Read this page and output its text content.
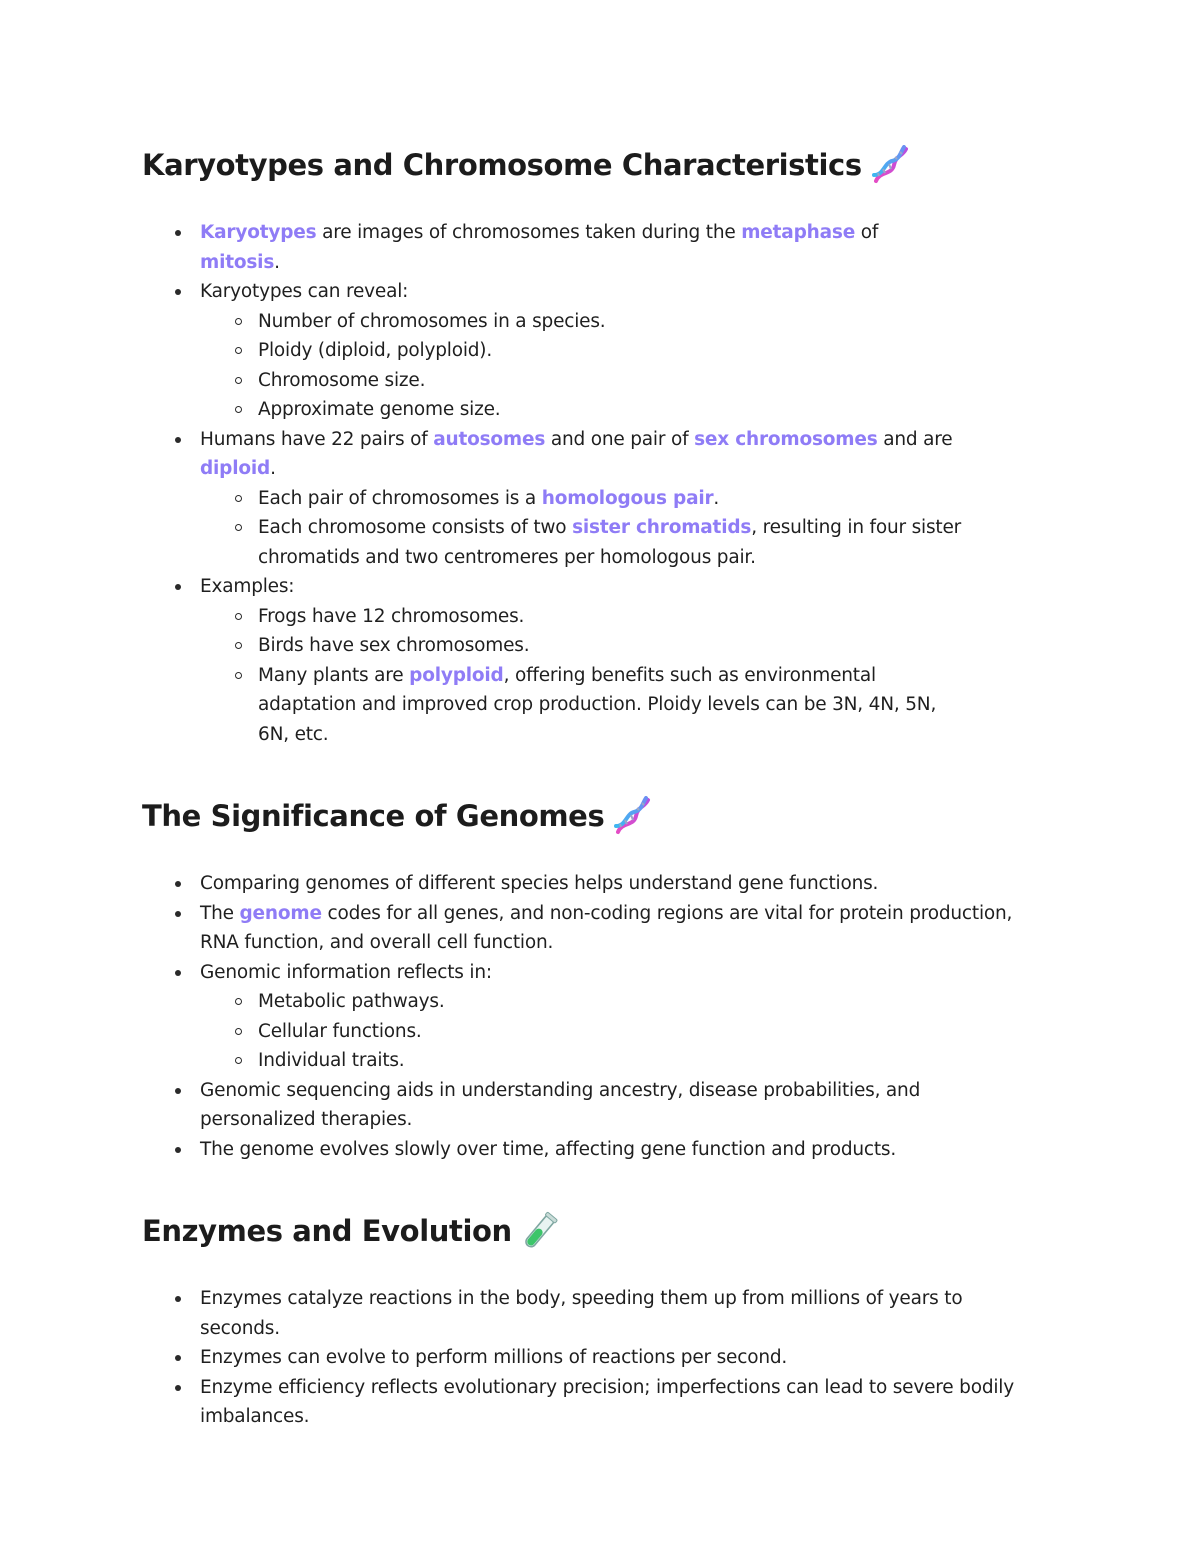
Karyotypes and Chromosome Characteristics
Karyotypes are images of chromosomes taken during the metaphase of
mitosis.
Karyotypes can reveal:
Number of chromosomes in a species.
Ploidy (diploid, polyploid).
Chromosome size.
Approximate genome size.
Humans have 22 pairs of autosomes and one pair of sex chromosomes and are diploid.
Each pair of chromosomes is a homologous pair.
Each chromosome consists of two sister chromatids, resulting in four sister chromatids and two centromeres per homologous pair.
Examples:
Frogs have 12 chromosomes.
Birds have sex chromosomes.
Many plants are polyploid, offering benefits such as environmental adaptation and improved crop production. Ploidy levels can be 3N, 4N, 5N, 6N, etc.
The Significance of Genomes
Comparing genomes of different species helps understand gene functions.
The genome codes for all genes, and non-coding regions are vital for protein production, RNA function, and overall cell function.
Genomic information reflects in:
Metabolic pathways.
Cellular functions.
Individual traits.
Genomic sequencing aids in understanding ancestry, disease probabilities, and personalized therapies.
The genome evolves slowly over time, affecting gene function and products.
Enzymes and Evolution
Enzymes catalyze reactions in the body, speeding them up from millions of years to seconds.
Enzymes can evolve to perform millions of reactions per second.
Enzyme efficiency reflects evolutionary precision; imperfections can lead to severe bodily imbalances.
